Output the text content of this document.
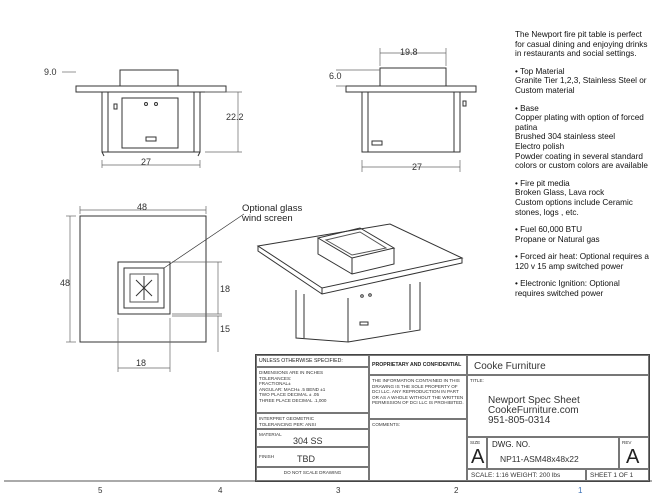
9.0
27
22.2
19.8
6.0
27
48
48
18
15
18
Optional glass
wind screen

The Newport fire pit table is perfect for casual dining and enjoying drinks in restaurants and social settings.

• Top Material
Granite Tier 1,2,3, Stainless Steel or Custom material

• Base
Copper plating with option of forced patina
Brushed 304 stainless steel
Electro polish
Powder coating in several standard colors or custom colors are available

• Fire pit media
Broken Glass, Lava rock
Custom options include Ceramic stones, logs , etc.

• Fuel 60,000 BTU
Propane or Natural gas

• Forced air heat: Optional requires a 120 v 15 amp switched power

• Electronic Ignition: Optional requires switched power

UNLESS OTHERWISE SPECIFIED:
DIMENSIONS ARE IN INCHES
TOLERANCES:
FRACTIONAL±
ANGULAR: MACH± .5 BEND ±1
TWO PLACE DECIMAL ± .05
THREE PLACE DECIMAL .1,000
INTERPRET GEOMETRIC
TOLERANCING PER: ANSI
MATERIAL
304 SS
FINISH	TBD
DO NOT SCALE DRAWING
PROPRIETARY AND CONFIDENTIAL
THE INFORMATION CONTAINED IN THIS DRAWING IS THE SOLE PROPERTY OF DCI LLC. ANY REPRODUCTION IN PART OR AS A WHOLE WITHOUT THE WRITTEN PERMISSION OF DCI LLC IS PROHIBITED.
COMMENTS:
Cooke Furniture
TITLE:
Newport Spec Sheet
CookeFurniture.com
951-805-0314
SIZE
A
DWG. NO.
NP11-ASM48x48x22
REV
A
SCALE: 1:16 WEIGHT: 200 lbs	SHEET 1 OF 1
5	4	3	2	1
